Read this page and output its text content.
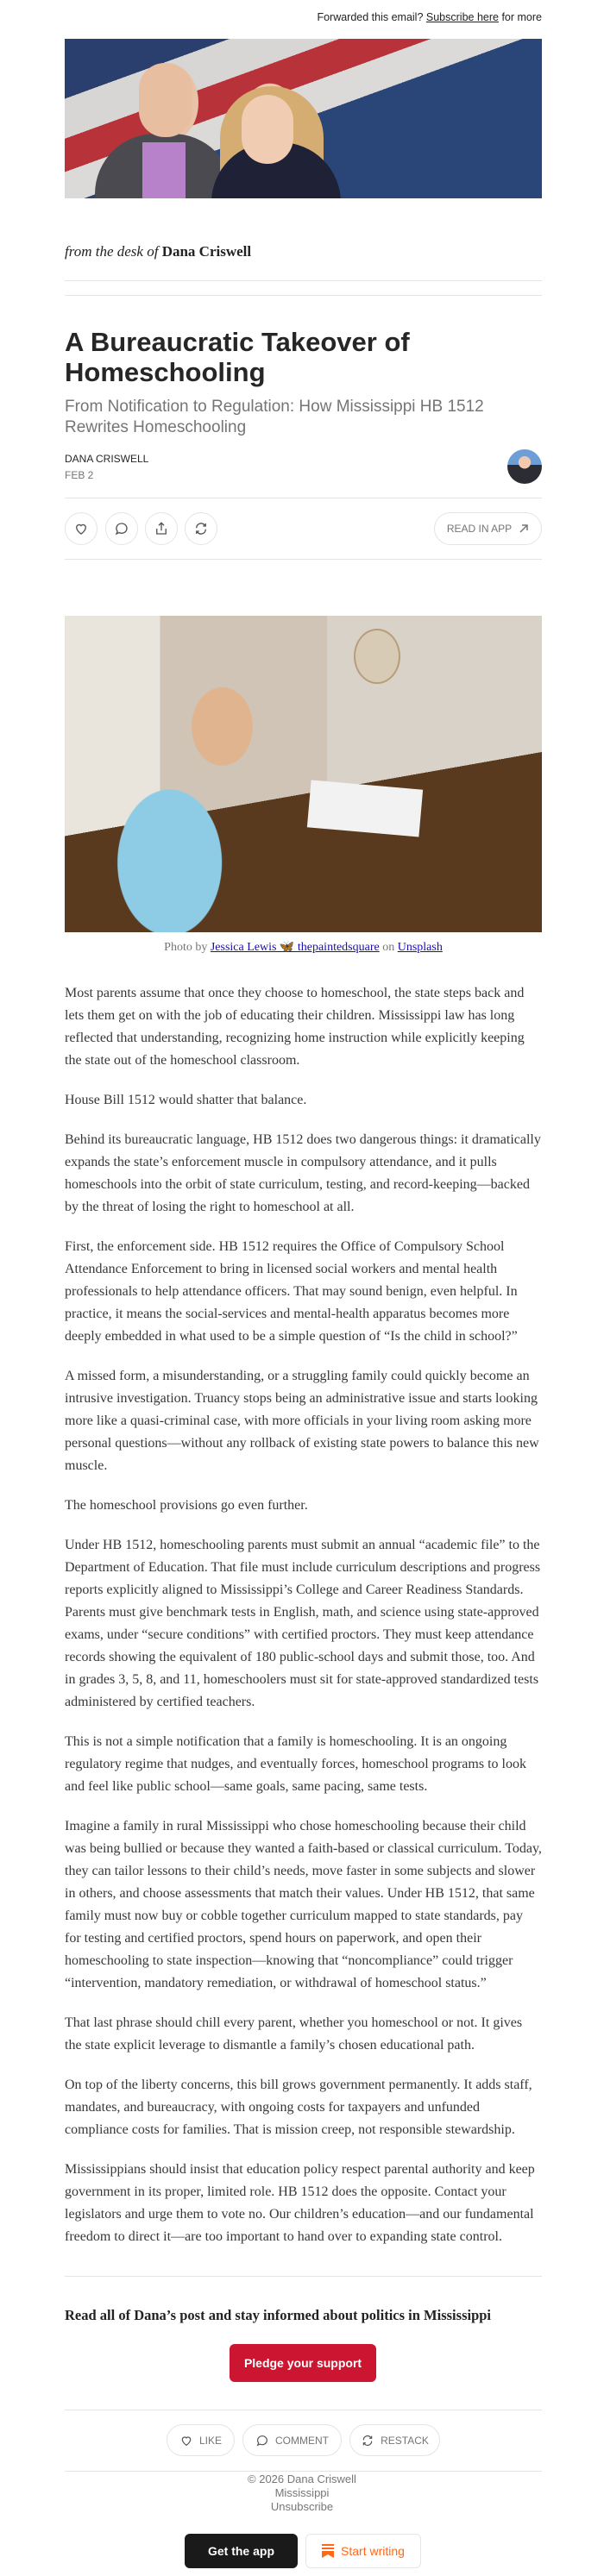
Forwarded this email? Subscribe here for more
from the desk of Dana Criswell
A Bureaucratic Takeover of Homeschooling
From Notification to Regulation: How Mississippi HB 1512 Rewrites Homeschooling
DANA CRISWELL
FEB 2
READ IN APP
Photo by Jessica Lewis 🦋 thepaintedsquare on Unsplash

Most parents assume that once they choose to homeschool, the state steps back and lets them get on with the job of educating their children. Mississippi law has long reflected that understanding, recognizing home instruction while explicitly keeping the state out of the homeschool classroom.

House Bill 1512 would shatter that balance.

Behind its bureaucratic language, HB 1512 does two dangerous things: it dramatically expands the state’s enforcement muscle in compulsory attendance, and it pulls homeschools into the orbit of state curriculum, testing, and record-keeping—backed by the threat of losing the right to homeschool at all.

First, the enforcement side. HB 1512 requires the Office of Compulsory School Attendance Enforcement to bring in licensed social workers and mental health professionals to help attendance officers. That may sound benign, even helpful. In practice, it means the social-services and mental-health apparatus becomes more deeply embedded in what used to be a simple question of “Is the child in school?”

A missed form, a misunderstanding, or a struggling family could quickly become an intrusive investigation. Truancy stops being an administrative issue and starts looking more like a quasi-criminal case, with more officials in your living room asking more personal questions—without any rollback of existing state powers to balance this new muscle.

The homeschool provisions go even further.

Under HB 1512, homeschooling parents must submit an annual “academic file” to the Department of Education. That file must include curriculum descriptions and progress reports explicitly aligned to Mississippi’s College and Career Readiness Standards. Parents must give benchmark tests in English, math, and science using state-approved exams, under “secure conditions” with certified proctors. They must keep attendance records showing the equivalent of 180 public-school days and submit those, too. And in grades 3, 5, 8, and 11, homeschoolers must sit for state-approved standardized tests administered by certified teachers.

This is not a simple notification that a family is homeschooling. It is an ongoing regulatory regime that nudges, and eventually forces, homeschool programs to look and feel like public school—same goals, same pacing, same tests.

Imagine a family in rural Mississippi who chose homeschooling because their child was being bullied or because they wanted a faith-based or classical curriculum. Today, they can tailor lessons to their child’s needs, move faster in some subjects and slower in others, and choose assessments that match their values. Under HB 1512, that same family must now buy or cobble together curriculum mapped to state standards, pay for testing and certified proctors, spend hours on paperwork, and open their homeschooling to state inspection—knowing that “noncompliance” could trigger “intervention, mandatory remediation, or withdrawal of homeschool status.”

That last phrase should chill every parent, whether you homeschool or not. It gives the state explicit leverage to dismantle a family’s chosen educational path.

On top of the liberty concerns, this bill grows government permanently. It adds staff, mandates, and bureaucracy, with ongoing costs for taxpayers and unfunded compliance costs for families. That is mission creep, not responsible stewardship.

Mississippians should insist that education policy respect parental authority and keep government in its proper, limited role. HB 1512 does the opposite. Contact your legislators and urge them to vote no. Our children’s education—and our fundamental freedom to direct it—are too important to hand over to expanding state control.

Read all of Dana’s post and stay informed about politics in Mississippi
Pledge your support
LIKE	COMMENT	RESTACK
© 2026 Dana Criswell
Mississippi
Unsubscribe
Get the app	Start writing
